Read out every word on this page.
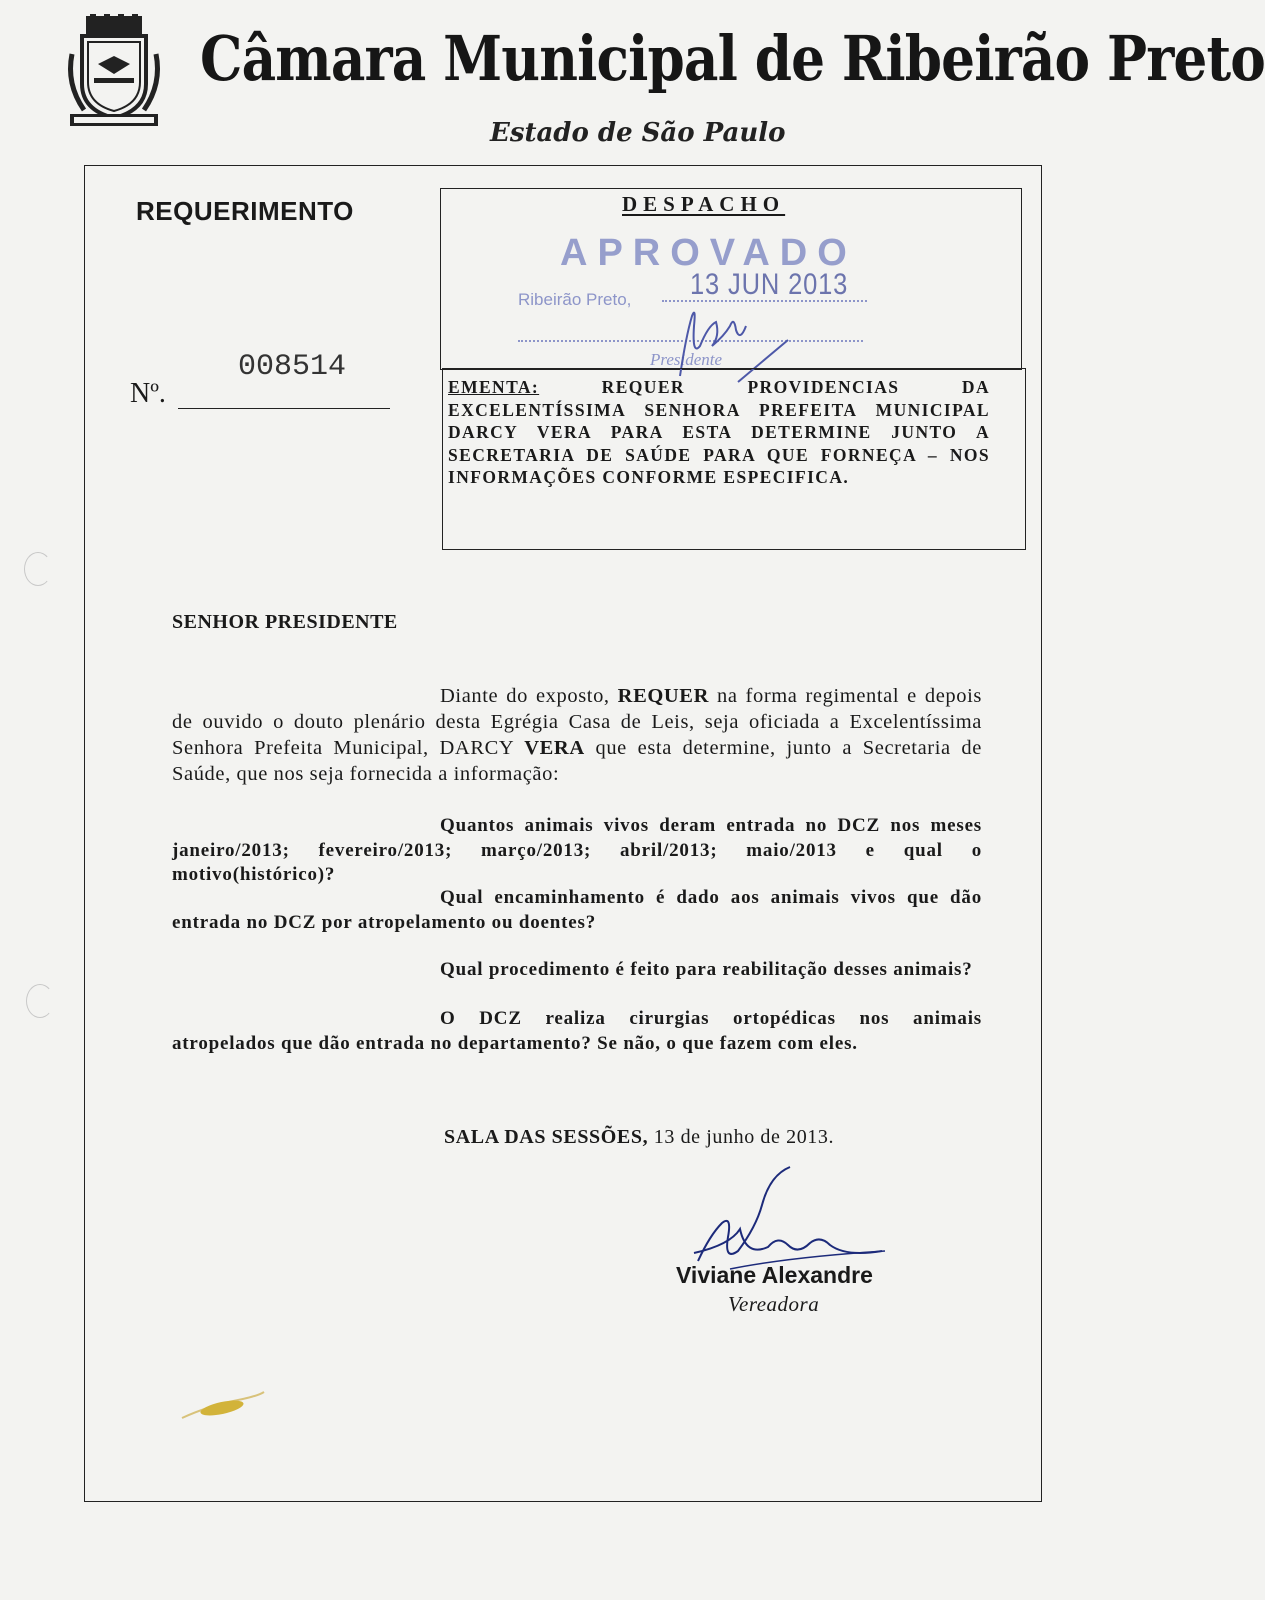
Câmara Municipal de Ribeirão Preto
Estado de São Paulo
REQUERIMENTO
008514
Nº.
DESPACHO
APROVADO
Ribeirão Preto, 13 JUN 2013
Presidente
EMENTA:	REQUER PROVIDENCIAS DA EXCELENTÍSSIMA SENHORA PREFEITA MUNICIPAL DARCY VERA PARA ESTA DETERMINE JUNTO A SECRETARIA DE SAÚDE PARA QUE FORNEÇA – NOS INFORMAÇÕES CONFORME ESPECIFICA.
SENHOR PRESIDENTE
Diante do exposto, REQUER na forma regimental e depois de ouvido o douto plenário desta Egrégia Casa de Leis, seja oficiada a Excelentíssima Senhora Prefeita Municipal, DARCY VERA que esta determine, junto a Secretaria de Saúde, que nos seja fornecida a informação:
Quantos animais vivos deram entrada no DCZ nos meses janeiro/2013; fevereiro/2013; março/2013; abril/2013; maio/2013 e qual o motivo(histórico)?
Qual encaminhamento é dado aos animais vivos que dão entrada no DCZ por atropelamento ou doentes?
Qual procedimento é feito para reabilitação desses animais?
O DCZ realiza cirurgias ortopédicas nos animais atropelados que dão entrada no departamento? Se não, o que fazem com eles.
SALA DAS SESSÕES, 13 de junho de 2013.
Viviane Alexandre
Vereadora
